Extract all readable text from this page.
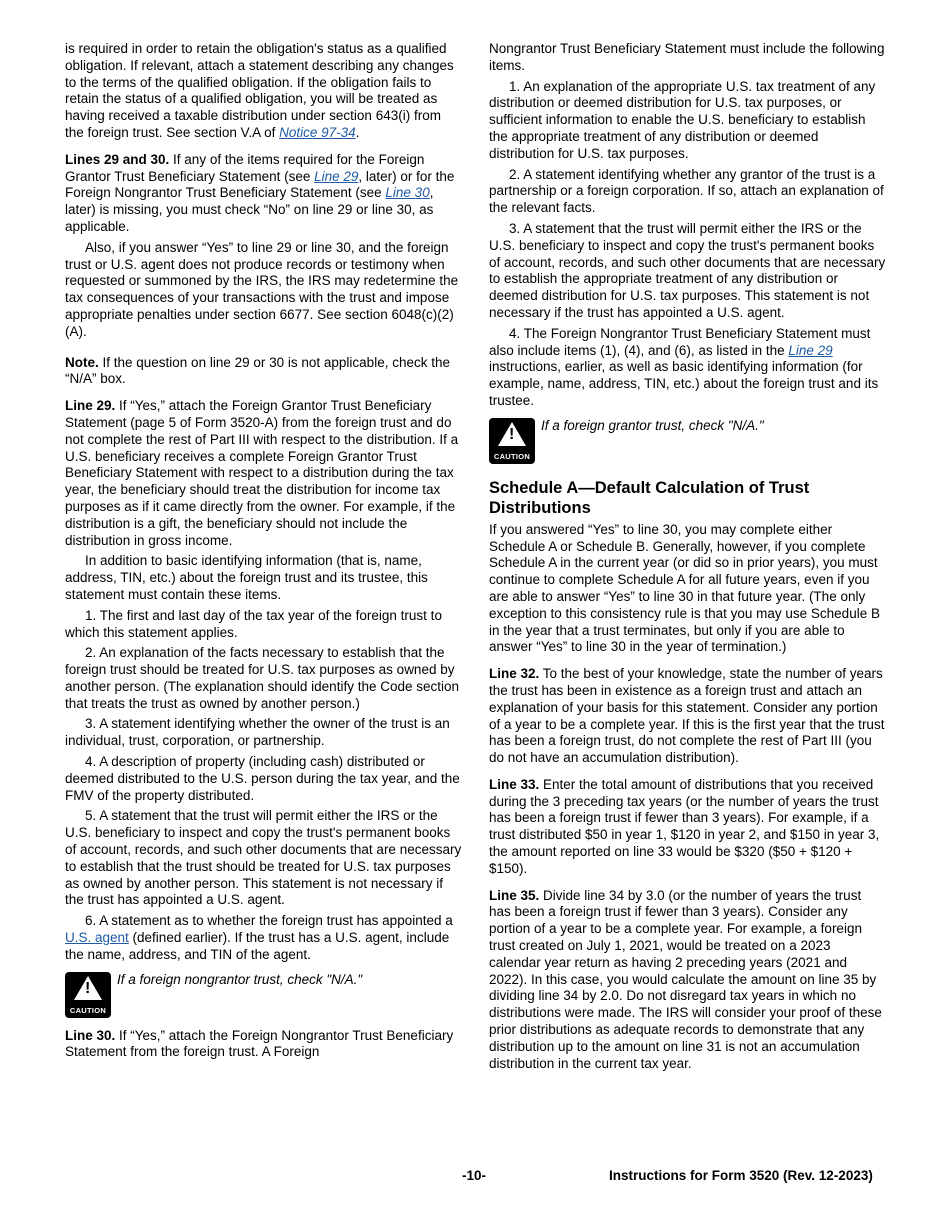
is required in order to retain the obligation's status as a qualified obligation. If relevant, attach a statement describing any changes to the terms of the qualified obligation. If the obligation fails to retain the status of a qualified obligation, you will be treated as having received a taxable distribution under section 643(i) from the foreign trust. See section V.A of Notice 97-34.

Lines 29 and 30. If any of the items required for the Foreign Grantor Trust Beneficiary Statement (see Line 29, later) or for the Foreign Nongrantor Trust Beneficiary Statement (see Line 30, later) is missing, you must check “No” on line 29 or line 30, as applicable.

Also, if you answer “Yes” to line 29 or line 30, and the foreign trust or U.S. agent does not produce records or testimony when requested or summoned by the IRS, the IRS may redetermine the tax consequences of your transactions with the trust and impose appropriate penalties under section 6677. See section 6048(c)(2)(A).

Note. If the question on line 29 or 30 is not applicable, check the “N/A” box.

Line 29. If “Yes,” attach the Foreign Grantor Trust Beneficiary Statement (page 5 of Form 3520-A) from the foreign trust and do not complete the rest of Part III with respect to the distribution. If a U.S. beneficiary receives a complete Foreign Grantor Trust Beneficiary Statement with respect to a distribution during the tax year, the beneficiary should treat the distribution for income tax purposes as if it came directly from the owner. For example, if the distribution is a gift, the beneficiary should not include the distribution in gross income.

In addition to basic identifying information (that is, name, address, TIN, etc.) about the foreign trust and its trustee, this statement must contain these items.

1. The first and last day of the tax year of the foreign trust to which this statement applies.

2. An explanation of the facts necessary to establish that the foreign trust should be treated for U.S. tax purposes as owned by another person. (The explanation should identify the Code section that treats the trust as owned by another person.)

3. A statement identifying whether the owner of the trust is an individual, trust, corporation, or partnership.

4. A description of property (including cash) distributed or deemed distributed to the U.S. person during the tax year, and the FMV of the property distributed.

5. A statement that the trust will permit either the IRS or the U.S. beneficiary to inspect and copy the trust's permanent books of account, records, and such other documents that are necessary to establish that the trust should be treated for U.S. tax purposes as owned by another person. This statement is not necessary if the trust has appointed a U.S. agent.

6. A statement as to whether the foreign trust has appointed a U.S. agent (defined earlier). If the trust has a U.S. agent, include the name, address, and TIN of the agent.

!
CAUTION
If a foreign nongrantor trust, check "N/A."

Line 30. If “Yes,” attach the Foreign Nongrantor Trust Beneficiary Statement from the foreign trust. A Foreign

Nongrantor Trust Beneficiary Statement must include the following items.

1. An explanation of the appropriate U.S. tax treatment of any distribution or deemed distribution for U.S. tax purposes, or sufficient information to enable the U.S. beneficiary to establish the appropriate treatment of any distribution or deemed distribution for U.S. tax purposes.

2. A statement identifying whether any grantor of the trust is a partnership or a foreign corporation. If so, attach an explanation of the relevant facts.

3. A statement that the trust will permit either the IRS or the U.S. beneficiary to inspect and copy the trust's permanent books of account, records, and such other documents that are necessary to establish the appropriate treatment of any distribution or deemed distribution for U.S. tax purposes. This statement is not necessary if the trust has appointed a U.S. agent.

4. The Foreign Nongrantor Trust Beneficiary Statement must also include items (1), (4), and (6), as listed in the Line 29 instructions, earlier, as well as basic identifying information (for example, name, address, TIN, etc.) about the foreign trust and its trustee.

!
CAUTION
If a foreign grantor trust, check "N/A."
Schedule A—Default Calculation of Trust Distributions

If you answered “Yes” to line 30, you may complete either Schedule A or Schedule B. Generally, however, if you complete Schedule A in the current year (or did so in prior years), you must continue to complete Schedule A for all future years, even if you are able to answer “Yes” to line 30 in that future year. (The only exception to this consistency rule is that you may use Schedule B in the year that a trust terminates, but only if you are able to answer “Yes” to line 30 in the year of termination.)

Line 32. To the best of your knowledge, state the number of years the trust has been in existence as a foreign trust and attach an explanation of your basis for this statement. Consider any portion of a year to be a complete year. If this is the first year that the trust has been a foreign trust, do not complete the rest of Part III (you do not have an accumulation distribution).

Line 33. Enter the total amount of distributions that you received during the 3 preceding tax years (or the number of years the trust has been a foreign trust if fewer than 3 years). For example, if a trust distributed $50 in year 1, $120 in year 2, and $150 in year 3, the amount reported on line 33 would be $320 ($50 + $120 + $150).

Line 35. Divide line 34 by 3.0 (or the number of years the trust has been a foreign trust if fewer than 3 years). Consider any portion of a year to be a complete year. For example, a foreign trust created on July 1, 2021, would be treated on a 2023 calendar year return as having 2 preceding years (2021 and 2022). In this case, you would calculate the amount on line 35 by dividing line 34 by 2.0. Do not disregard tax years in which no distributions were made. The IRS will consider your proof of these prior distributions as adequate records to demonstrate that any distribution up to the amount on line 31 is not an accumulation distribution in the current tax year.

-10-	Instructions for Form 3520 (Rev. 12-2023)
